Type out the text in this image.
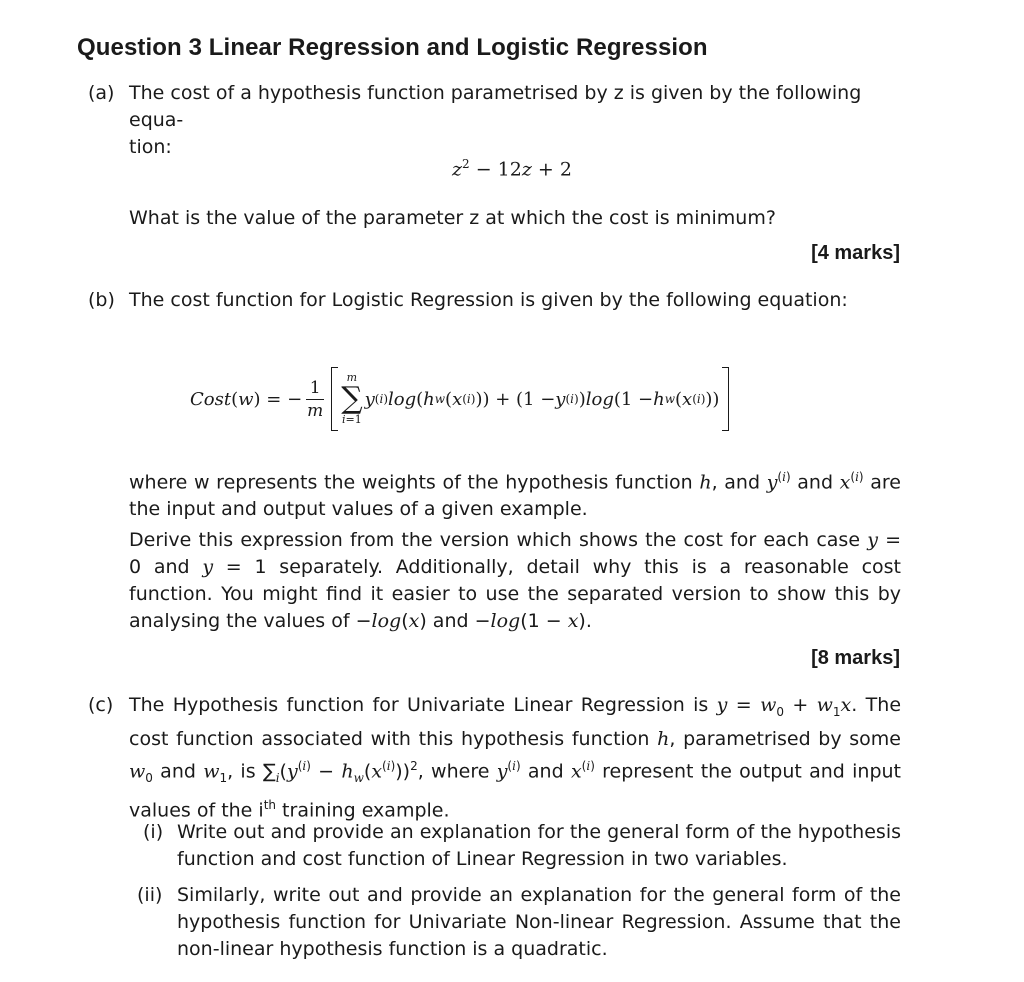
Question 3 Linear Regression and Logistic Regression
(a) The cost of a hypothesis function parametrised by z is given by the following equa-
tion:
$z^2 - 12z + 2$
What is the value of the parameter z at which the cost is minimum?
[4 marks]
(b) The cost function for Logistic Regression is given by the following equation:
Cost ( w ) = − $\frac{1}{m}$ m
∑
i=1
y (i) log ( h w ( x (i) )) + (1 − y (i) ) log (1 − h w ( x (i) ))
where w represents the weights of the hypothesis function h, and $y^{(i)}$ and $x^{(i)}$ are the input and output values of a given example.
Derive this expression from the version which shows the cost for each case y = 0 and y = 1 separately. Additionally, detail why this is a reasonable cost function. You might find it easier to use the separated version to show this by analysing the values of −log(x) and −log(1 − x).
[8 marks]
(c) The Hypothesis function for Univariate Linear Regression is $y = w_0 + w_1x$. The cost function associated with this hypothesis function h, parametrised by some $w_0$ and $w_1$, is $\sum_i(y^{(i)} - h_w(x^{(i)}))^2$, where $y^{(i)}$ and $x^{(i)}$ represent the output and input values of the $i^{th}$ training example.
(i) Write out and provide an explanation for the general form of the hypothesis function and cost function of Linear Regression in two variables.
(ii) Similarly, write out and provide an explanation for the general form of the hypothesis function for Univariate Non-linear Regression. Assume that the non-linear hypothesis function is a quadratic.
